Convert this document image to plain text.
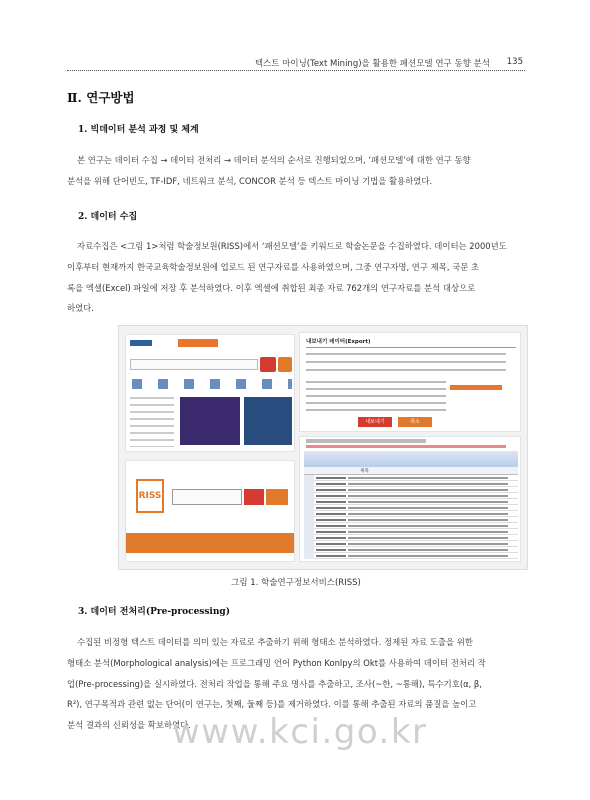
텍스트 마이닝(Text Mining)을 활용한 패션모델 연구 동향 분석	135
Ⅱ. 연구방법
1. 빅데이터 분석 과정 및 체계

본 연구는 데이터 수집 → 데이터 전처리 → 데이터 분석의 순서로 진행되었으며, ‘패션모델’에 대한 연구 동향

분석을 위해 단어빈도, TF-IDF, 네트워크 분석, CONCOR 분석 등 텍스트 마이닝 기법을 활용하였다.

2. 데이터 수집

자료수집은 <그림 1>처럼 학술정보원(RISS)에서 ‘패션모델’을 키워드로 학술논문을 수집하였다. 데이터는 2000년도

이후부터 현재까지 한국교육학술정보원에 업로드 된 연구자료를 사용하였으며, 그중 연구자명, 연구 제목, 국문 초

록을 엑셀(Excel) 파일에 저장 후 분석하였다. 이후 엑셀에 취합된 최종 자료 762개의 연구자료를 분석 대상으로

하였다.

RISS
내보내기 데이터(Export)
내보내기	취소
제목
그림 1. 학술연구정보서비스(RISS)
3. 데이터 전처리(Pre-processing)

수집된 비정형 텍스트 데이터를 의미 있는 자료로 추출하기 위해 형태소 분석하였다. 정제된 자료 도출을 위한

형태소 분석(Morphological analysis)에는 프로그래밍 언어 Python Konlpy의 Okt를 사용하여 데이터 전처리 작

업(Pre-processing)을 실시하였다. 전처리 작업을 통해 주요 명사를 추출하고, 조사(~한, ~통해), 특수기호(α, β,

R²), 연구목적과 관련 없는 단어(이 연구는, 첫째, 둘째 등)를 제거하였다. 이를 통해 추출된 자료의 품질을 높이고

분석 결과의 신뢰성을 확보하였다.

www.kci.go.kr
